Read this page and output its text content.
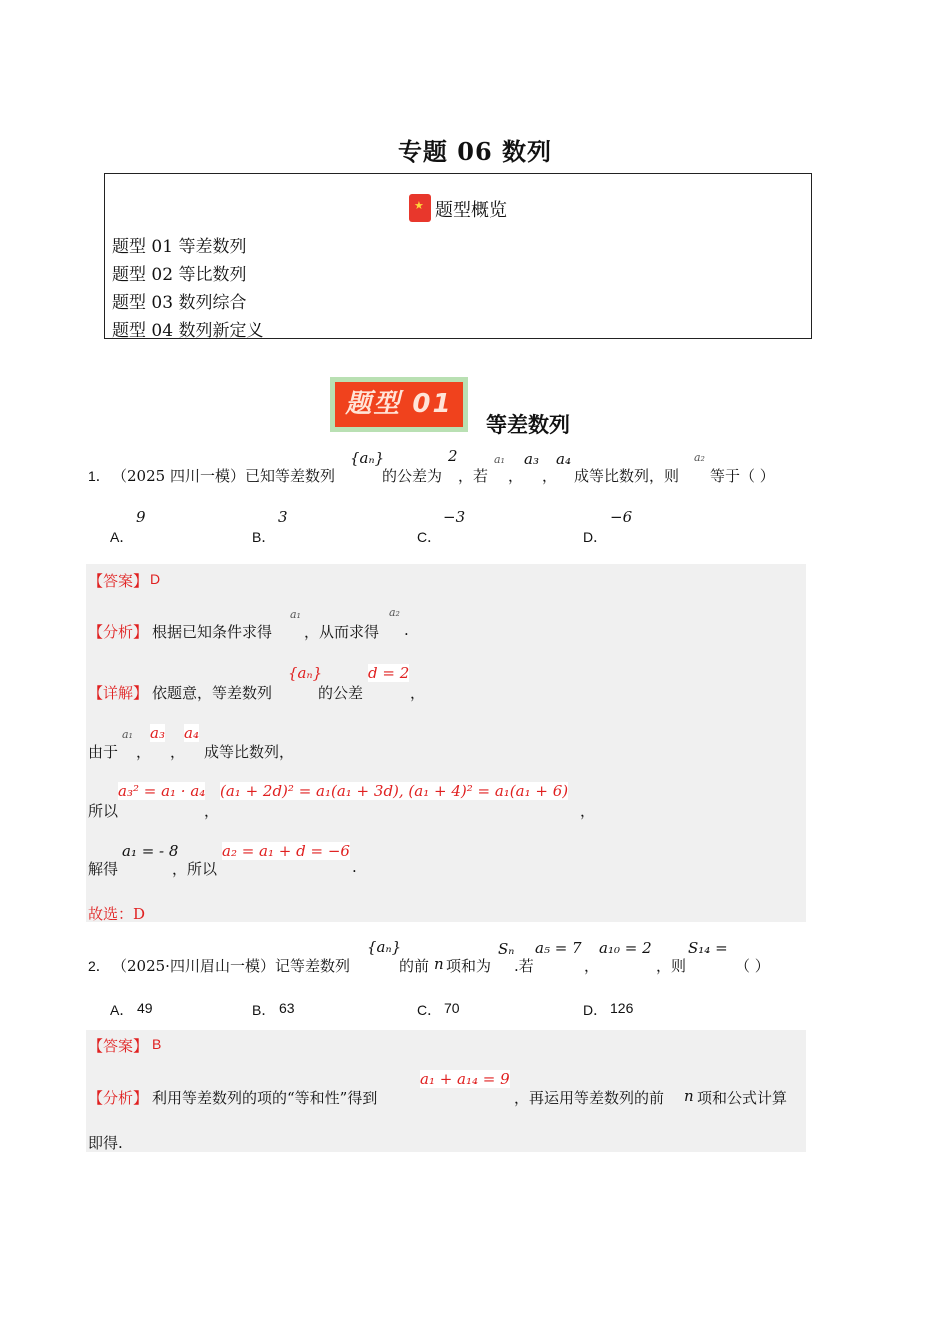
专题 06 数列
★题型概览
题型 01 等差数列
题型 02 等比数列
题型 03 数列综合
题型 04 数列新定义
题型 01
等差数列
1． （2025 四川一模）已知等差数列
{aₙ}
的公差为
2
，若
a₁
，
a₃
，
a₄
成等比数列，则
a₂
等于（ ）
A．
9
B．
3
C．
−3
D．
−6
【答案】 D
【分析】 根据已知条件求得
a₁
，从而求得
a₂
.
【详解】 依题意，等差数列
{aₙ}
的公差
d = 2
，
由于
a₁
，
a₃
，
a₄
成等比数列，
所以
a₃² = a₁ · a₄
，
(a₁ + 2d)² = a₁(a₁ + 3d), (a₁ + 4)² = a₁(a₁ + 6)
，
解得
a₁ = - 8
，所以
a₂ = a₁ + d = −6
.
故选：D
2． （2025·四川眉山一模）记等差数列
{aₙ}
的前 n 项和为
Sₙ
.若
a₅ = 7
，
a₁₀ = 2
，则
S₁₄ =
（ ）
A． 49	B． 63	C． 70	D． 126
【答案】 B
【分析】 利用等差数列的项的“等和性”得到
a₁ + a₁₄ = 9
，再运用等差数列的前 n 项和公式计算
即得.
